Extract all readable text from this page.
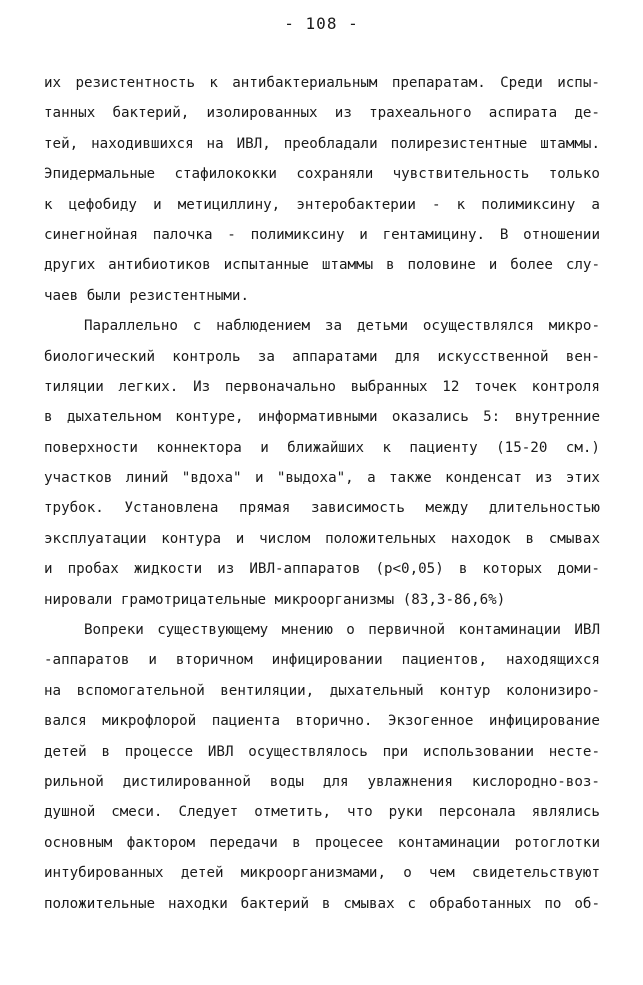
- 108 -
их резистентность к антибактериальным препаратам. Среди испы-
танных бактерий, изолированных из трахеального аспирата де-
тей, находившихся на ИВЛ, преобладали полирезистентные штаммы.
Эпидермальные стафилококки сохраняли чувствительность только
к цефобиду и метициллину, энтеробактерии - к полимиксину а
синегнойная палочка - полимиксину и гентамицину. В отношении
других антибиотиков испытанные штаммы в половине и более слу-
чаев были резистентными.
Параллельно с наблюдением за детьми осуществлялся микро-
биологический контроль за аппаратами для искусственной вен-
тиляции легких. Из первоначально выбранных 12 точек контроля
в дыхательном контуре, информативными оказались 5: внутренние
поверхности коннектора и ближайших к пациенту (15-20 см.)
участков линий "вдоха" и "выдоха", а также конденсат из этих
трубок. Установлена прямая зависимость между длительностью
эксплуатации контура и числом положительных находок в смывах
и пробах жидкости из ИВЛ-аппаратов (р<0,05) в которых доми-
нировали грамотрицательные микроорганизмы (83,3-86,6%)
Вопреки существующему мнению о первичной контаминации ИВЛ
-аппаратов и вторичном инфицировании пациентов, находящихся
на вспомогательной вентиляции, дыхательный контур колонизиро-
вался микрофлорой пациента вторично. Экзогенное инфицирование
детей в процессе ИВЛ осуществлялось при использовании несте-
рильной дистилированной воды для увлажнения кислородно-воз-
душной смеси. Следует отметить, что руки персонала являлись
основным фактором передачи в процесее контаминации ротоглотки
интубированных детей микроорганизмами, о чем свидетельствуют
положительные находки бактерий в смывах с обработанных по об-
